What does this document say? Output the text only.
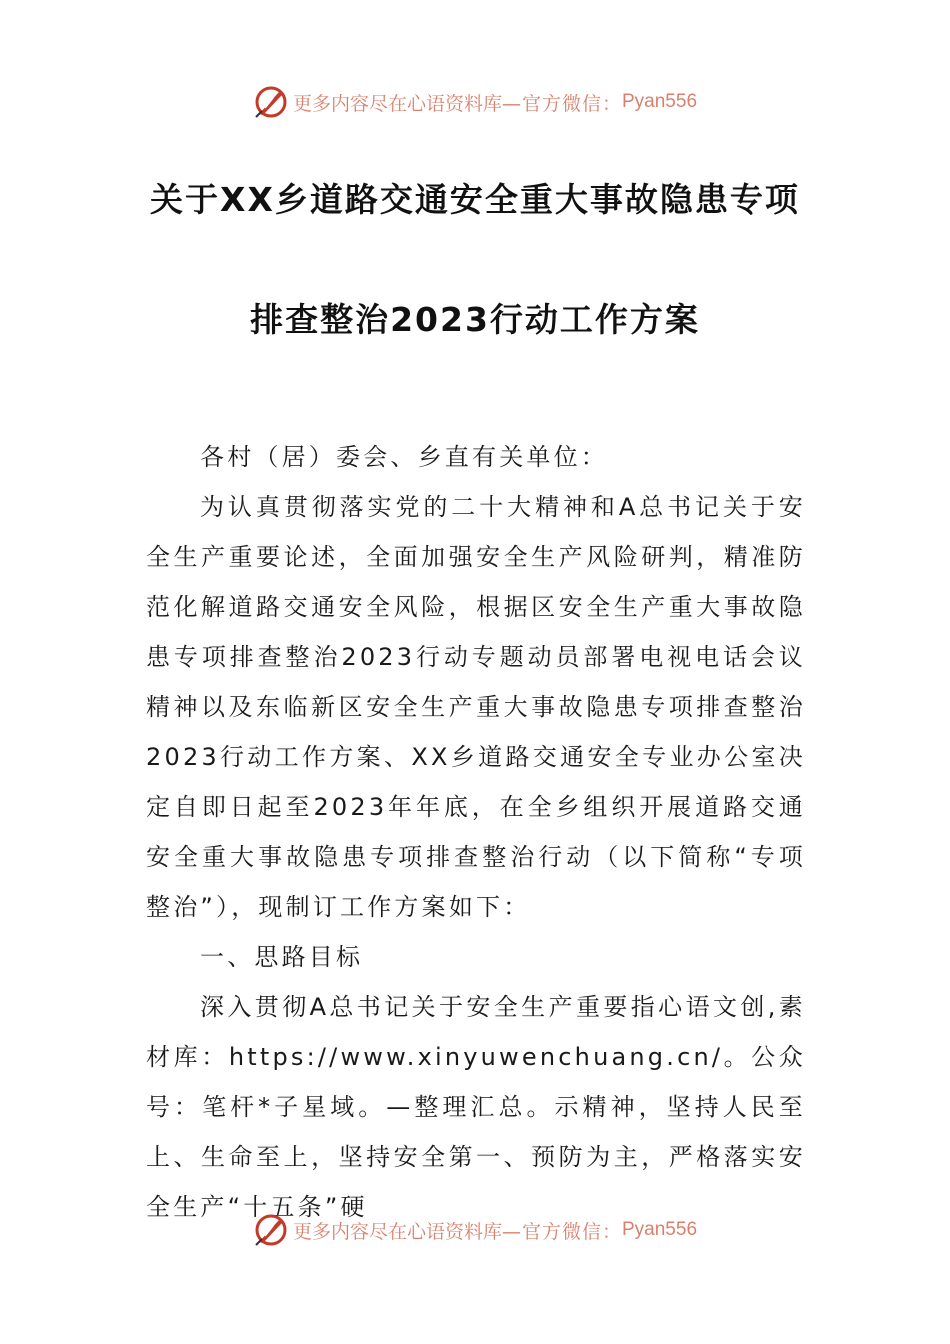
更多内容尽在心语资料库 —官方微信： Pyan556
关于XX乡道路交通安全重大事故隐患专项
排查整治2023行动工作方案

各村（居）委会、乡直有关单位：

为认真贯彻落实党的二十大精神和A总书记关于安全生产重要论述，全面加强安全生产风险研判，精准防范化解道路交通安全风险，根据区安全生产重大事故隐患专项排查整治2023行动专题动员部署电视电话会议精神以及东临新区安全生产重大事故隐患专项排查整治2023行动工作方案、XX乡道路交通安全专业办公室决定自即日起至2023年年底，在全乡组织开展道路交通安全重大事故隐患专项排查整治行动（以下简称“专项整治”），现制订工作方案如下：

一、思路目标

深入贯彻A总书记关于安全生产重要指心语文创,素材库：https://www.xinyuwenchuang.cn/。公众号：笔杆*子星域。—整理汇总。示精神，坚持人民至上、生命至上，坚持安全第一、预防为主，严格落实安全生产“十五条”硬

更多内容尽在心语资料库 —官方微信： Pyan556
